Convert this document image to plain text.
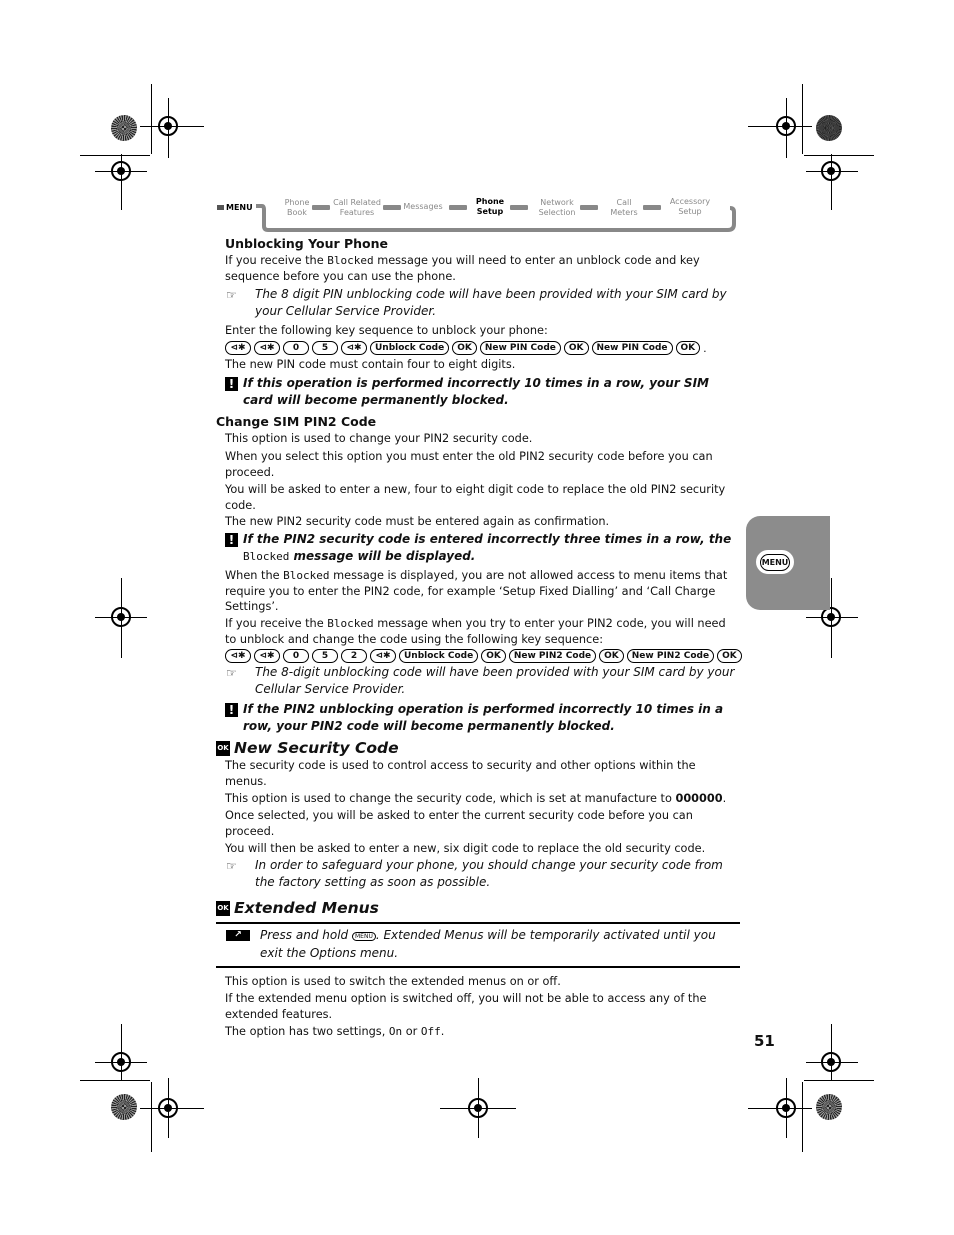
MENU
Phone
Book
Call Related
Features
Messages
Phone
Setup
Network
Selection
Call
Meters
Accessory
Setup
MENU

Unblocking Your Phone

If you receive the Blocked message you will need to enter an unblock code and key sequence before you can use the phone.

☞	The 8 digit PIN unblocking code will have been provided with your SIM card by your Cellular Service Provider.

Enter the following key sequence to unblock your phone:

⊲✱	⊲✱	0	5	⊲✱	Unblock Code	OK	New PIN Code	OK	New PIN Code	OK .

The new PIN code must contain four to eight digits.

! If this operation is performed incorrectly 10 times in a row, your SIM card will become permanently blocked.

Change SIM PIN2 Code

This option is used to change your PIN2 security code.

When you select this option you must enter the old PIN2 security code before you can proceed.

You will be asked to enter a new, four to eight digit code to replace the old PIN2 security code.

The new PIN2 security code must be entered again as confirmation.

! If the PIN2 security code is entered incorrectly three times in a row, the
Blocked message will be displayed.

When the Blocked message is displayed, you are not allowed access to menu items that require you to enter the PIN2 code, for example ‘Setup Fixed Dialling’ and ‘Call Charge Settings’.

If you receive the Blocked message when you try to enter your PIN2 code, you will need to unblock and change the code using the following key sequence:

⊲✱	⊲✱	0	5	2	⊲✱	Unblock Code	OK	New PIN2 Code	OK	New PIN2 Code	OK
☞	The 8-digit unblocking code will have been provided with your SIM card by your Cellular Service Provider.
! If the PIN2 unblocking operation is performed incorrectly 10 times in a row, your PIN2 code will become permanently blocked.
OK New Security Code

The security code is used to control access to security and other options within the menus.

This option is used to change the security code, which is set at manufacture to 000000.

Once selected, you will be asked to enter the current security code before you can proceed.

You will then be asked to enter a new, six digit code to replace the old security code.

☞	In order to safeguard your phone, you should change your security code from the factory setting as soon as possible.
OK Extended Menus
↗	Press and hold MENU . Extended Menus will be temporarily activated until you exit the Options menu.

This option is used to switch the extended menus on or off.

If the extended menu option is switched off, you will not be able to access any of the extended features.

The option has two settings, On or Off.

51
